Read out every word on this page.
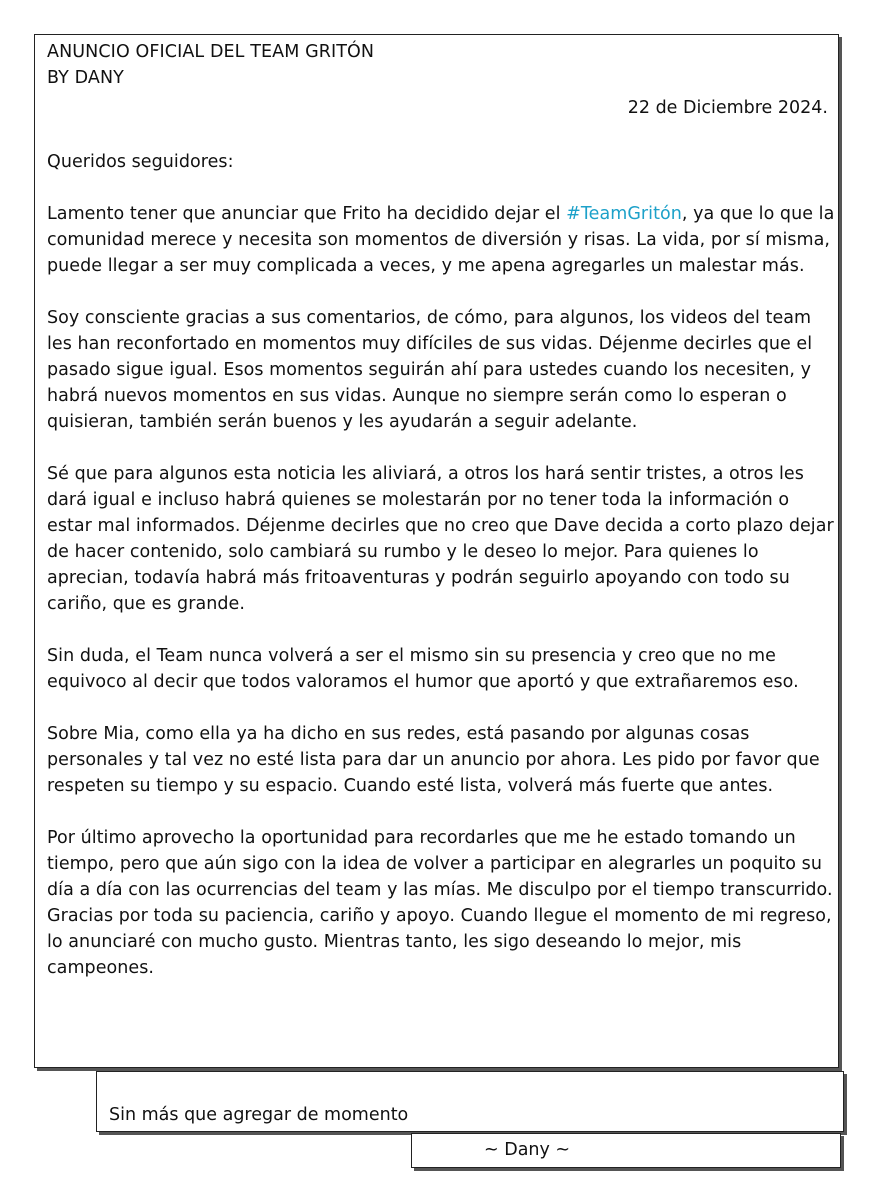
ANUNCIO OFICIAL DEL TEAM GRITÓN
BY DANY
22 de Diciembre 2024.

Queridos seguidores:

Lamento tener que anunciar que Frito ha decidido dejar el #TeamGritón, ya que lo que la comunidad merece y necesita son momentos de diversión y risas. La vida, por sí misma, puede llegar a ser muy complicada a veces, y me apena agregarles un malestar más.

Soy consciente gracias a sus comentarios, de cómo, para algunos, los videos del team les han reconfortado en momentos muy difíciles de sus vidas. Déjenme decirles que el pasado sigue igual. Esos momentos seguirán ahí para ustedes cuando los necesiten, y habrá nuevos momentos en sus vidas. Aunque no siempre serán como lo esperan o quisieran, también serán buenos y les ayudarán a seguir adelante.

Sé que para algunos esta noticia les aliviará, a otros los hará sentir tristes, a otros les dará igual e incluso habrá quienes se molestarán por no tener toda la información o estar mal informados. Déjenme decirles que no creo que Dave decida a corto plazo dejar de hacer contenido, solo cambiará su rumbo y le deseo lo mejor. Para quienes lo aprecian, todavía habrá más fritoaventuras y podrán seguirlo apoyando con todo su cariño, que es grande.

Sin duda, el Team nunca volverá a ser el mismo sin su presencia y creo que no me equivoco al decir que todos valoramos el humor que aportó y que extrañaremos eso.

Sobre Mia, como ella ya ha dicho en sus redes, está pasando por algunas cosas personales y tal vez no esté lista para dar un anuncio por ahora. Les pido por favor que respeten su tiempo y su espacio. Cuando esté lista, volverá más fuerte que antes.

Por último aprovecho la oportunidad para recordarles que me he estado tomando un tiempo, pero que aún sigo con la idea de volver a participar en alegrarles un poquito su día a día con las ocurrencias del team y las mías. Me disculpo por el tiempo transcurrido. Gracias por toda su paciencia, cariño y apoyo. Cuando llegue el momento de mi regreso, lo anunciaré con mucho gusto. Mientras tanto, les sigo deseando lo mejor, mis campeones.

Sin más que agregar de momento
~ Dany ~
